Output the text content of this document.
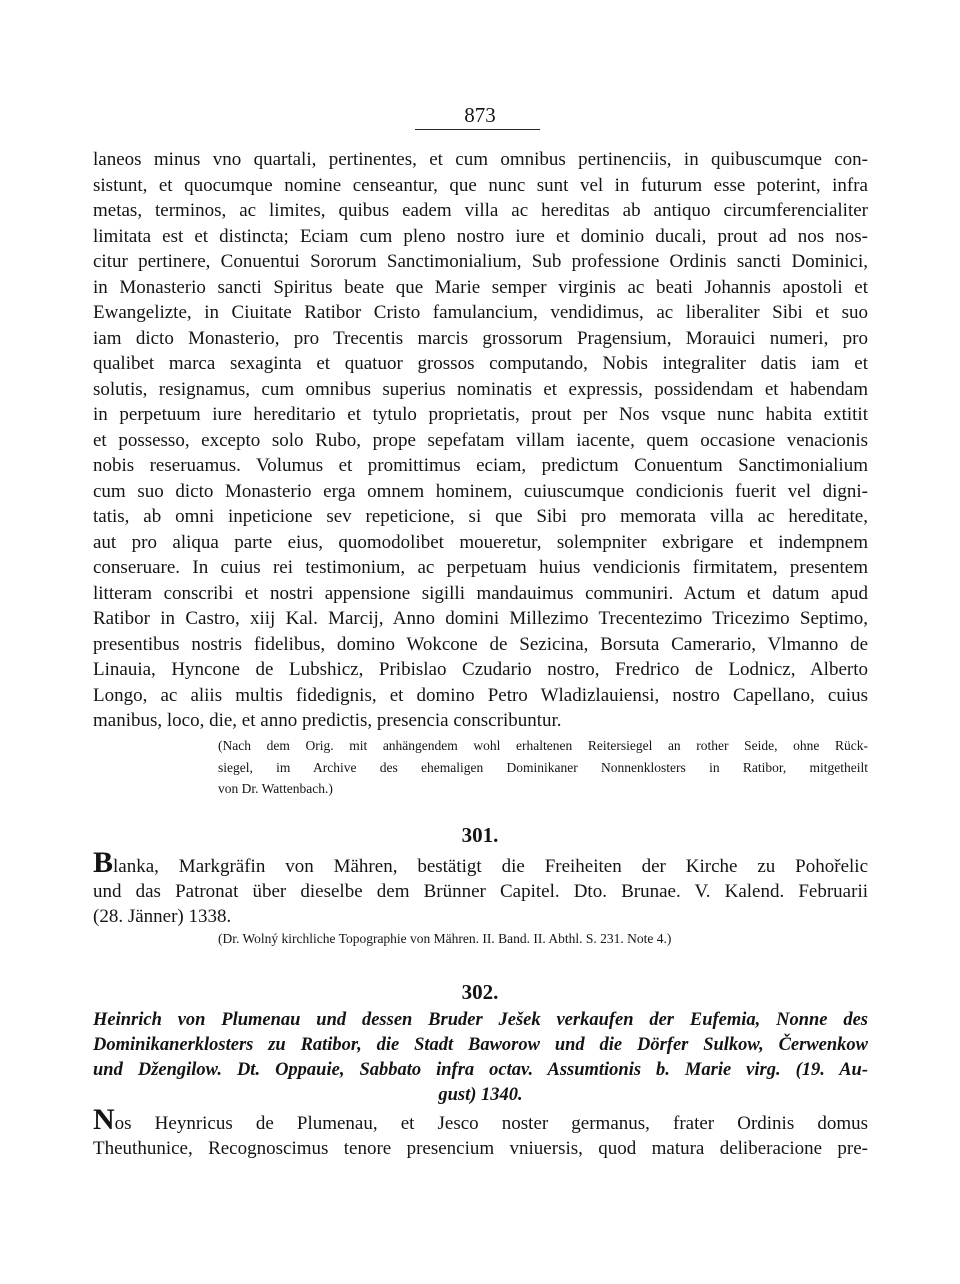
873
laneos minus vno quartali, pertinentes, et cum omnibus pertinenciis, in quibuscumque con-
sistunt, et quocumque nomine censeantur, que nunc sunt vel in futurum esse poterint, infra
metas, terminos, ac limites, quibus eadem villa ac hereditas ab antiquo circumferencialiter
limitata est et distincta; Eciam cum pleno nostro iure et dominio ducali, prout ad nos nos-
citur pertinere, Conuentui Sororum Sanctimonialium, Sub professione Ordinis sancti Dominici,
in Monasterio sancti Spiritus beate que Marie semper virginis ac beati Johannis apostoli et
Ewangelizte, in Ciuitate Ratibor Cristo famulancium, vendidimus, ac liberaliter Sibi et suo
iam dicto Monasterio, pro Trecentis marcis grossorum Pragensium, Morauici numeri, pro
qualibet marca sexaginta et quatuor grossos computando, Nobis integraliter datis iam et
solutis, resignamus, cum omnibus superius nominatis et expressis, possidendam et habendam
in perpetuum iure hereditario et tytulo proprietatis, prout per Nos vsque nunc habita extitit
et possesso, excepto solo Rubo, prope sepefatam villam iacente, quem occasione venacionis
nobis reseruamus. Volumus et promittimus eciam, predictum Conuentum Sanctimonialium
cum suo dicto Monasterio erga omnem hominem, cuiuscumque condicionis fuerit vel digni-
tatis, ab omni inpeticione sev repeticione, si que Sibi pro memorata villa ac hereditate,
aut pro aliqua parte eius, quomodolibet moueretur, solempniter exbrigare et indempnem
conseruare. In cuius rei testimonium, ac perpetuam huius vendicionis firmitatem, presentem
litteram conscribi et nostri appensione sigilli mandauimus communiri. Actum et datum apud
Ratibor in Castro, xiij Kal. Marcij, Anno domini Millezimo Trecentezimo Tricezimo Septimo,
presentibus nostris fidelibus, domino Wokcone de Sezicina, Borsuta Camerario, Vlmanno de
Linauia, Hyncone de Lubshicz, Pribislao Czudario nostro, Fredrico de Lodnicz, Alberto
Longo, ac aliis multis fidedignis, et domino Petro Wladizlauiensi, nostro Capellano, cuius
manibus, loco, die, et anno predictis, presencia conscribuntur.
(Nach dem Orig. mit anhängendem wohl erhaltenen Reitersiegel an rother Seide, ohne Rück-
siegel, im Archive des ehemaligen Dominikaner Nonnenklosters in Ratibor, mitgetheilt
von Dr. Wattenbach.)
301.
Blanka, Markgräfin von Mähren, bestätigt die Freiheiten der Kirche zu Pohořelic
und das Patronat über dieselbe dem Brünner Capitel. Dto. Brunae. V. Kalend. Februarii
(28. Jänner) 1338.
(Dr. Wolný kirchliche Topographie von Mähren. II. Band. II. Abthl. S. 231. Note 4.)
302.
Heinrich von Plumenau und dessen Bruder Ješek verkaufen der Eufemia, Nonne des
Dominikanerklosters zu Ratibor, die Stadt Baworow und die Dörfer Sulkow, Čerwenkow
und Džengilow. Dt. Oppauie, Sabbato infra octav. Assumtionis b. Marie virg. (19. Au-
gust) 1340.
Nos Heynricus de Plumenau, et Jesco noster germanus, frater Ordinis domus
Theuthunice, Recognoscimus tenore presencium vniuersis, quod matura deliberacione pre-
